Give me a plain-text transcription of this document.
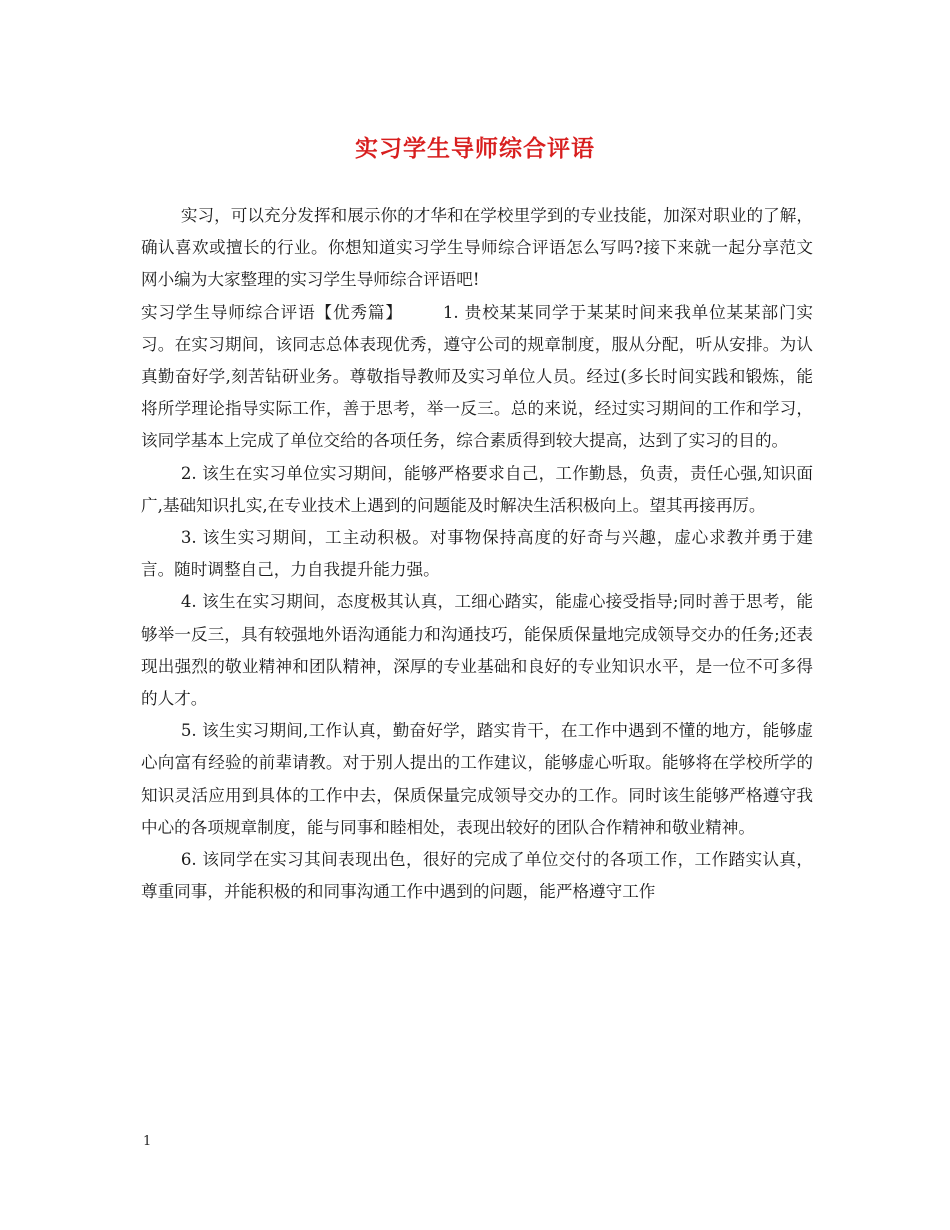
实习学生导师综合评语

实习，可以充分发挥和展示你的才华和在学校里学到的专业技能，加深对职业的了解，确认喜欢或擅长的行业。你想知道实习学生导师综合评语怎么写吗?接下来就一起分享范文网小编为大家整理的实习学生导师综合评语吧!

实习学生导师综合评语【优秀篇】 1. 贵校某某同学于某某时间来我单位某某部门实习。在实习期间，该同志总体表现优秀，遵守公司的规章制度，服从分配，听从安排。为认真勤奋好学,刻苦钻研业务。尊敬指导教师及实习单位人员。经过(多长时间实践和锻炼，能将所学理论指导实际工作，善于思考，举一反三。总的来说，经过实习期间的工作和学习，该同学基本上完成了单位交给的各项任务，综合素质得到较大提高，达到了实习的目的。

2. 该生在实习单位实习期间，能够严格要求自己，工作勤恳，负责，责任心强,知识面广,基础知识扎实,在专业技术上遇到的问题能及时解决生活积极向上。望其再接再厉。

3. 该生实习期间，工主动积极。对事物保持高度的好奇与兴趣，虚心求教并勇于建言。随时调整自己，力自我提升能力强。

4. 该生在实习期间，态度极其认真，工细心踏实，能虚心接受指导;同时善于思考，能够举一反三，具有较强地外语沟通能力和沟通技巧，能保质保量地完成领导交办的任务;还表现出强烈的敬业精神和团队精神，深厚的专业基础和良好的专业知识水平，是一位不可多得的人才。

5. 该生实习期间,工作认真，勤奋好学，踏实肯干，在工作中遇到不懂的地方，能够虚心向富有经验的前辈请教。对于别人提出的工作建议，能够虚心听取。能够将在学校所学的知识灵活应用到具体的工作中去，保质保量完成领导交办的工作。同时该生能够严格遵守我中心的各项规章制度，能与同事和睦相处，表现出较好的团队合作精神和敬业精神。

6. 该同学在实习其间表现出色，很好的完成了单位交付的各项工作，工作踏实认真，尊重同事，并能积极的和同事沟通工作中遇到的问题，能严格遵守工作

1
